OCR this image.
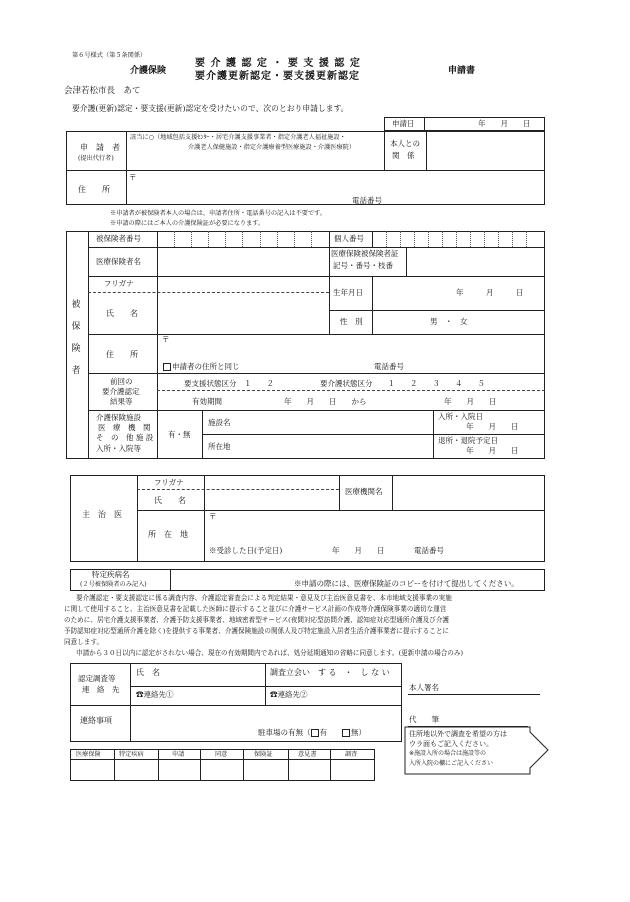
第６号様式（第５条関係）
介護保険
要 介 護 認 定 ・ 要 支 援 認 定
要介護更新認定・要支援更新認定	申請書
会津若松市長　あて
要介護(更新)認定・要支援(更新)認定を受けたいので、次のとおり申請します。
申請日	年　　月　　日
申　請　者
(提出代行者)
該当に○（地域包括支援ｾﾝﾀｰ・居宅介護支援事業者・指定介護老人福祉施設・
介護老人保健施設・指定介護療養型医療施設・介護医療院）	本人との
関　係
住　　所
〒
電話番号
※申請者が被保険者本人の場合は、申請者住所・電話番号の記入は不要です。
※申請の際にはご本人の介護保険証が必要になります。
被
保
険
者
被保険者番号	個人番号
医療保険者名
医療保険被保険者証
記号・番号・枝番
フリガナ
氏　　名
生年月日	年　　　月　　　日
性　別	男　・　女
住　　所
〒
申請者の住所と同じ	電話番号
前回の
要介護認定
結果等
要支援状態区分　１　　２	要介護状態区分　　１　　２　　３　　４　　５
有効期間	年　　月　　日　　から	年　　月　　日
介護保険施設
医　療　機　関
そ　の　他 施 設
入所・入院等
有・無
施設名
所在地
入所・入院日
年　　月　　日
退所・退院予定日
年　　月　　日
主　治　医
フリガナ
氏　　名
医療機関名
所　在　地
〒
※受診した日(予定日)	年　　月　　日	電話番号
特定疾病名
(２号被保険者のみ記入)	※申請の際には、医療保険証のコピーを付けて提出してください。
要介護認定・要支援認定に係る調査内容、介護認定審査会による判定結果・意見及び主治医意見書を、本市地域支援事業の実施
に関して使用すること、主治医意見書を記載した医師に提示すること並びに介護サービス計画の作成等介護保険事業の適切な運営
のために、居宅介護支援事業者、介護予防支援事業者、地域密着型サービス(夜間対応型訪問介護、認知症対応型通所介護及び介護
予防認知症対応型通所介護を除く)を提供する事業者、介護保険施設の関係人及び特定施設入居者生活介護事業者に提示することに
同意します。
申請から３０日以内に認定がされない場合、現在の有効期間内であれば、処分延期通知の省略に同意します。(更新申請の場合のみ)
認定調査等
連　絡　先
氏　名	調査立会い　す る　・　し な い
☎連絡先①	☎連絡先②
連絡事項
駐車場の有無（ 有　　	無）
本人署名
代　　筆
住所地以外で調査を希望の方は
ウラ面もご記入ください。
※施設入所の場合は施設等の
入所入院の欄にご記入ください
医療保険	特定疾病	申請	同意	保険証	意見書	調査
